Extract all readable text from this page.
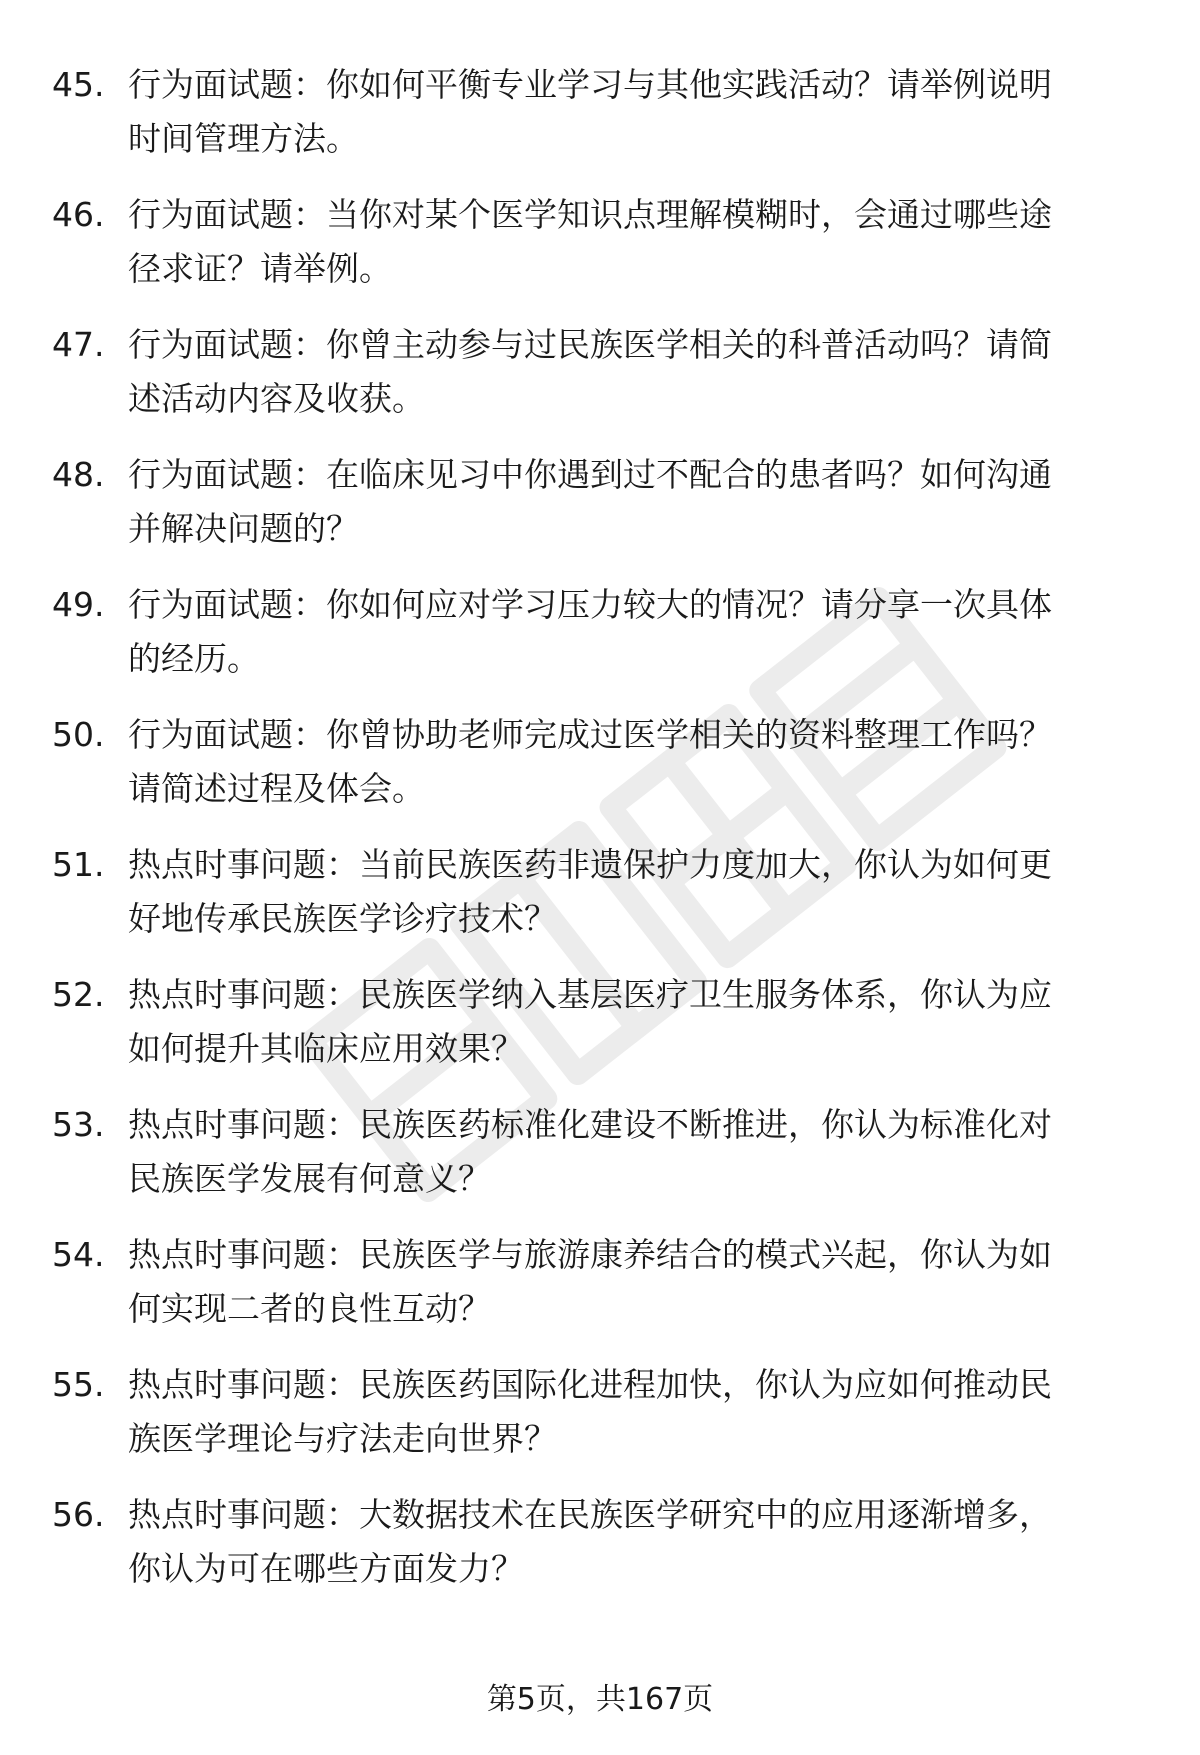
45. 行为面试题：你如何平衡专业学习与其他实践活动？请举例说明
时间管理方法。
46. 行为面试题：当你对某个医学知识点理解模糊时，会通过哪些途
径求证？请举例。
47. 行为面试题：你曾主动参与过民族医学相关的科普活动吗？请简
述活动内容及收获。
48. 行为面试题：在临床见习中你遇到过不配合的患者吗？如何沟通
并解决问题的？
49. 行为面试题：你如何应对学习压力较大的情况？请分享一次具体
的经历。
50. 行为面试题：你曾协助老师完成过医学相关的资料整理工作吗？
请简述过程及体会。
51. 热点时事问题：当前民族医药非遗保护力度加大，你认为如何更
好地传承民族医学诊疗技术？
52. 热点时事问题：民族医学纳入基层医疗卫生服务体系，你认为应
如何提升其临床应用效果？
53. 热点时事问题：民族医药标准化建设不断推进，你认为标准化对
民族医学发展有何意义？
54. 热点时事问题：民族医学与旅游康养结合的模式兴起，你认为如
何实现二者的良性互动？
55. 热点时事问题：民族医药国际化进程加快，你认为应如何推动民
族医学理论与疗法走向世界？
56. 热点时事问题：大数据技术在民族医学研究中的应用逐渐增多，
你认为可在哪些方面发力？
第5页，共167页
